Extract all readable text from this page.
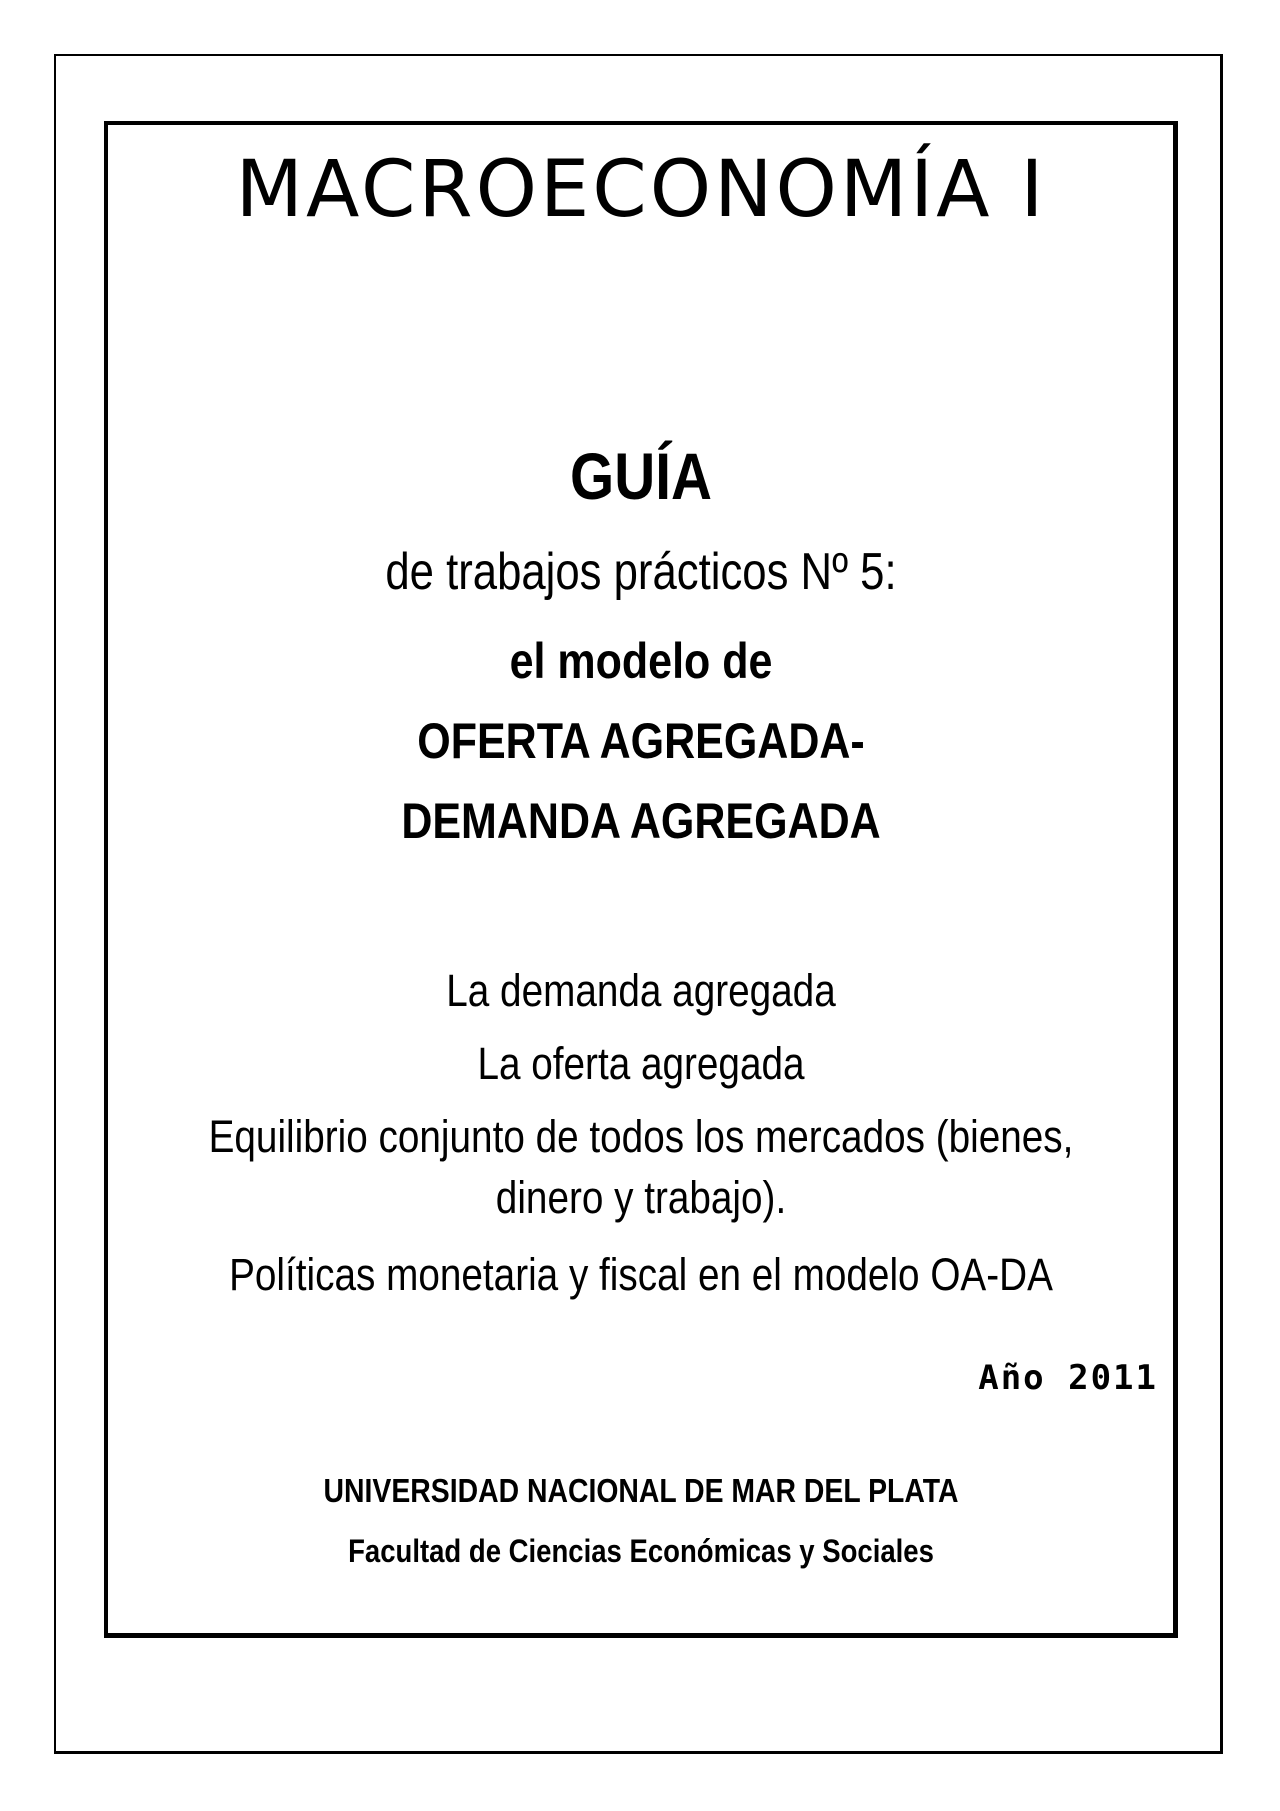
MACROECONOMÍA I
GUÍA
de trabajos prácticos Nº 5:
el modelo de
OFERTA AGREGADA-
DEMANDA AGREGADA
La demanda agregada
La oferta agregada
Equilibrio conjunto de todos los mercados (bienes,
dinero y trabajo).
Políticas monetaria y fiscal en el modelo OA-DA
Año 2011
UNIVERSIDAD NACIONAL DE MAR DEL PLATA
Facultad de Ciencias Económicas y Sociales
